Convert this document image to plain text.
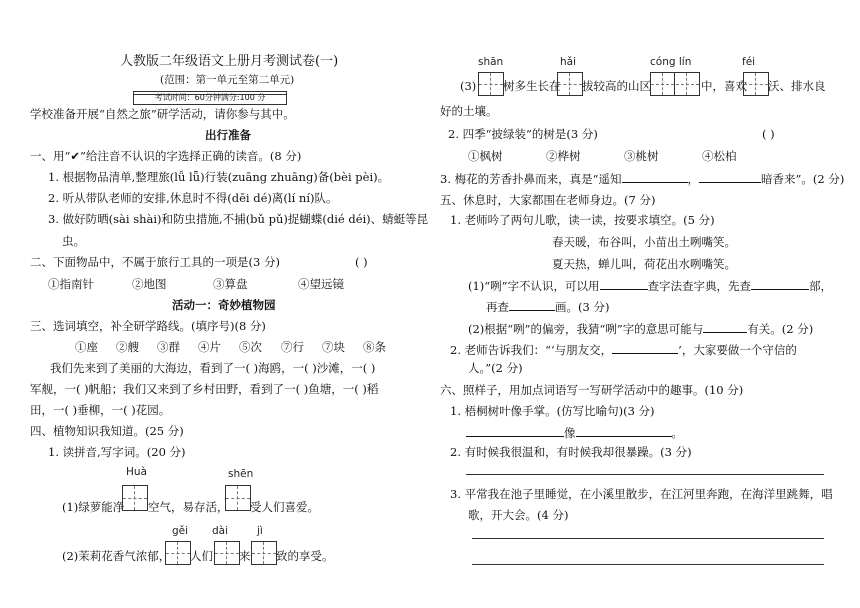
人教版二年级语文上册月考测试卷(一)
(范围：第一单元至第二单元)
考试时间：60分钟满分:100 分
学校准备开展“自然之旅”研学活动，请你参与其中。
出行准备
一、用“✔”给注音不认识的字选择正确的读音。(8 分)
1. 根据物品清单,整理旅(lǚ lǖ)行装(zuāng zhuāng)备(bèi pèi)。
2. 听从带队老师的安排,休息时不得(dēi dé)离(lí ní)队。
3. 做好防晒(sài shài)和防虫措施,不捕(bǔ pǔ)捉蝴蝶(dié déi)、蜻蜓等昆
虫。
二、下面物品中，不属于旅行工具的一项是(3 分)	( )
①指南针	②地图	③算盘	④望远镜
活动一：奇妙植物园
三、选词填空，补全研学路线。(填序号)(8 分)
①座 ②艘 ③群 ④片 ⑤次 ⑦行 ⑦块 ⑧条
我们先来到了美丽的大海边，看到了一( )海鸥，一( )沙滩，一( )
军舰，一( )帆船；我们又来到了乡村田野，看到了一( )鱼塘，一( )稻
田，一( )垂柳，一( )花园。
四、植物知识我知道。(25 分)
1. 读拼音,写字词。(20 分)
Huà	shēn
(1)绿萝能净 空气，易存活， 受人们喜爱。
gěi dài	jì
(2)茉莉花香气浓郁， 人们 来 致的享受。
shān	hǎi	cóng lín	féi
(3) 树多生长在 拔较高的山区	中，喜欢 沃、排水良
好的土壤。
2. 四季“披绿装”的树是(3 分)	( )
①枫树	②桦树	③桃树	④松柏
3. 梅花的芳香扑鼻而来，真是“遥知	，	暗香来”。(2 分)
五、休息时，大家都围在老师身边。(7 分)
1. 老师吟了两句儿歌，读一读，按要求填空。(5 分)
春天暖，布谷叫，小苗出土咧嘴笑。
夏天热，蝉儿叫，荷花出水咧嘴笑。
(1)“咧”字不认识，可以用	查字法查字典，先查	部，
再查	画。(3 分)
(2)根据“咧”的偏旁，我猜“咧”字的意思可能与	有关。(2 分)
2. 老师告诉我们：“‘与朋友交，	’，大家要做一个守信的
人。”(2 分)
六、照样子，用加点词语写一写研学活动中的趣事。(10 分)
1. 梧桐树叶像手掌。(仿写比喻句)(3 分)
像	。
2. 有时候我很温和，有时候我却很暴躁。(3 分)
3. 平常我在池子里睡觉，在小溪里散步，在江河里奔跑，在海洋里跳舞，唱
歌，开大会。(4 分)
